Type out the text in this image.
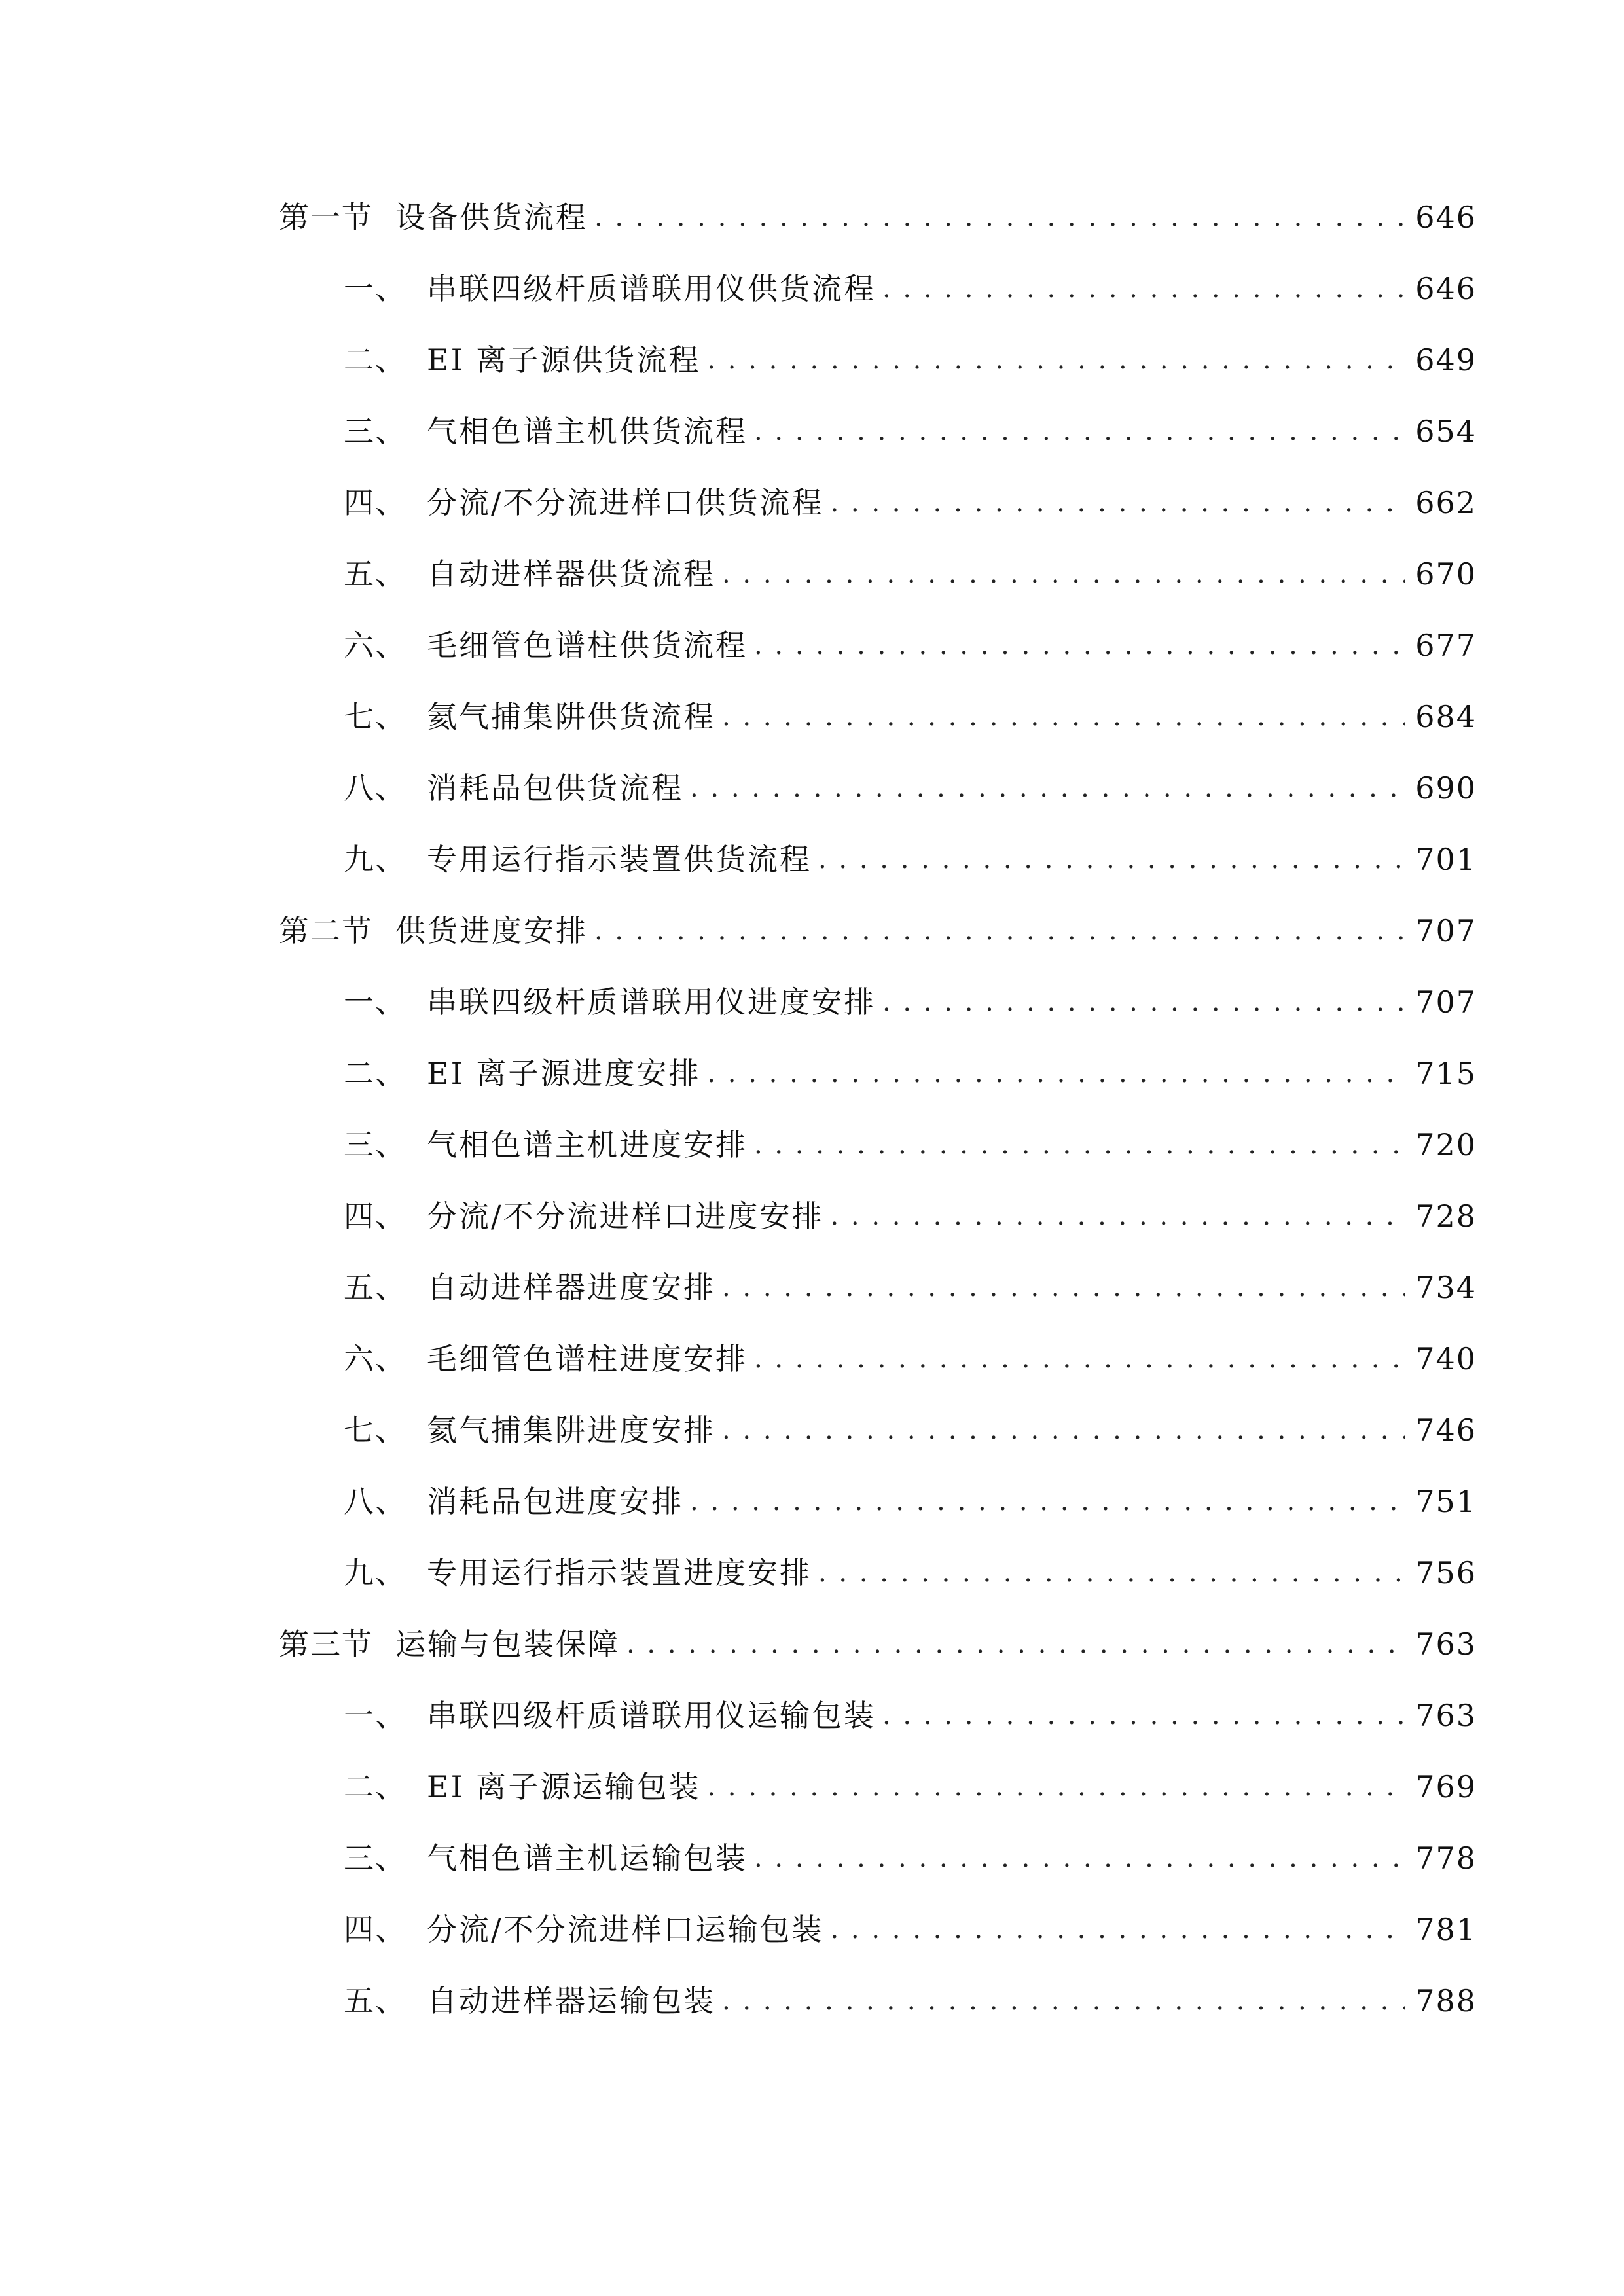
第一节 设备供货流程 . . .	646
一、 串联四级杆质谱联用仪供货流程 . . .	646
二、 EI 离子源供货流程 . . .	649
三、 气相色谱主机供货流程 . . .	654
四、 分流/不分流进样口供货流程 . . .	662
五、 自动进样器供货流程 . . .	670
六、 毛细管色谱柱供货流程 . . .	677
七、 氦气捕集阱供货流程 . . .	684
八、 消耗品包供货流程 . . .	690
九、 专用运行指示装置供货流程 . . .	701
第二节 供货进度安排 . . .	707
一、 串联四级杆质谱联用仪进度安排 . . .	707
二、 EI 离子源进度安排 . . .	715
三、 气相色谱主机进度安排 . . .	720
四、 分流/不分流进样口进度安排 . . .	728
五、 自动进样器进度安排 . . .	734
六、 毛细管色谱柱进度安排 . . .	740
七、 氦气捕集阱进度安排 . . .	746
八、 消耗品包进度安排 . . .	751
九、 专用运行指示装置进度安排 . . .	756
第三节 运输与包装保障 . . .	763
一、 串联四级杆质谱联用仪运输包装 . . .	763
二、 EI 离子源运输包装 . . .	769
三、 气相色谱主机运输包装 . . .	778
四、 分流/不分流进样口运输包装 . . .	781
五、 自动进样器运输包装 . . .	788
